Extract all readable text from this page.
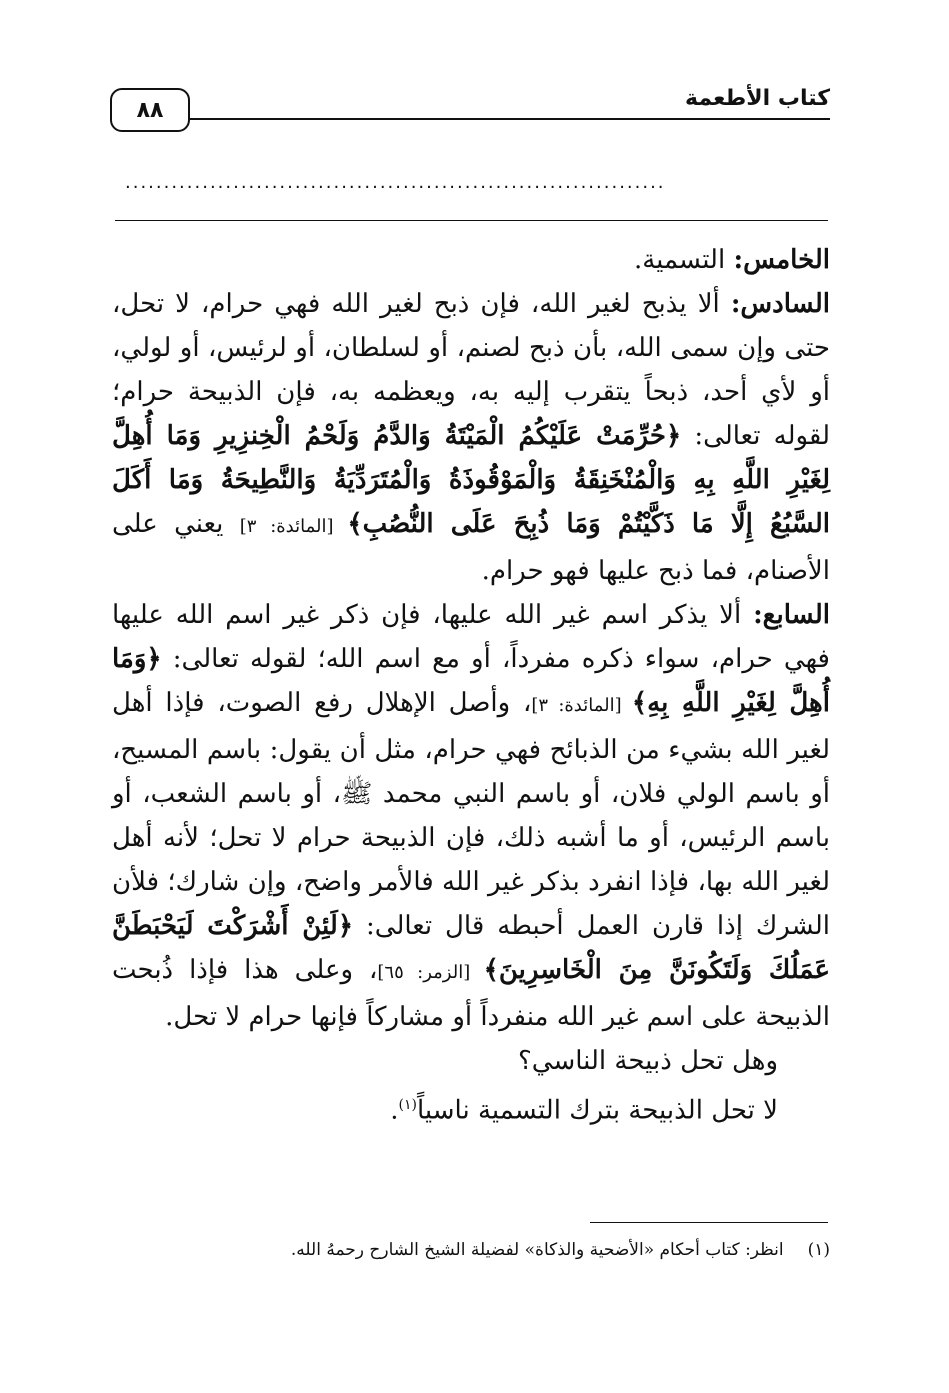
كتاب الأطعمة
٨٨
......................................................................

الخامس: التسمية.

السادس: ألا يذبح لغير الله، فإن ذبح لغير الله فهي حرام، لا تحل، حتى وإن سمى الله، بأن ذبح لصنم، أو لسلطان، أو لرئيس، أو لولي، أو لأي أحد، ذبحاً يتقرب إليه به، ويعظمه به، فإن الذبيحة حرام؛ لقوله تعالى: ﴿حُرِّمَتْ عَلَيْكُمُ الْمَيْتَةُ وَالدَّمُ وَلَحْمُ الْخِنزِيرِ وَمَا أُهِلَّ لِغَيْرِ اللَّهِ بِهِ وَالْمُنْخَنِقَةُ وَالْمَوْقُوذَةُ وَالْمُتَرَدِّيَةُ وَالنَّطِيحَةُ وَمَا أَكَلَ السَّبُعُ إِلَّا مَا ذَكَّيْتُمْ وَمَا ذُبِحَ عَلَى النُّصُبِ﴾ [المائدة: ٣] يعني على الأصنام، فما ذبح عليها فهو حرام.

السابع: ألا يذكر اسم غير الله عليها، فإن ذكر غير اسم الله عليها فهي حرام، سواء ذكره مفرداً، أو مع اسم الله؛ لقوله تعالى: ﴿وَمَا أُهِلَّ لِغَيْرِ اللَّهِ بِهِ﴾ [المائدة: ٣]، وأصل الإهلال رفع الصوت، فإذا أهل لغير الله بشيء من الذبائح فهي حرام، مثل أن يقول: باسم المسيح، أو باسم الولي فلان، أو باسم النبي محمد ﷺ، أو باسم الشعب، أو باسم الرئيس، أو ما أشبه ذلك، فإن الذبيحة حرام لا تحل؛ لأنه أهل لغير الله بها، فإذا انفرد بذكر غير الله فالأمر واضح، وإن شارك؛ فلأن الشرك إذا قارن العمل أحبطه قال تعالى: ﴿لَئِنْ أَشْرَكْتَ لَيَحْبَطَنَّ عَمَلُكَ وَلَتَكُونَنَّ مِنَ الْخَاسِرِينَ﴾ [الزمر: ٦٥]، وعلى هذا فإذا ذُبحت الذبيحة على اسم غير الله منفرداً أو مشاركاً فإنها حرام لا تحل.

وهل تحل ذبيحة الناسي؟

لا تحل الذبيحة بترك التسمية ناسياً$^{(١)}$.

(١)انظر: كتاب أحكام «الأضحية والذكاة» لفضيلة الشيخ الشارح رحمهُ الله.
